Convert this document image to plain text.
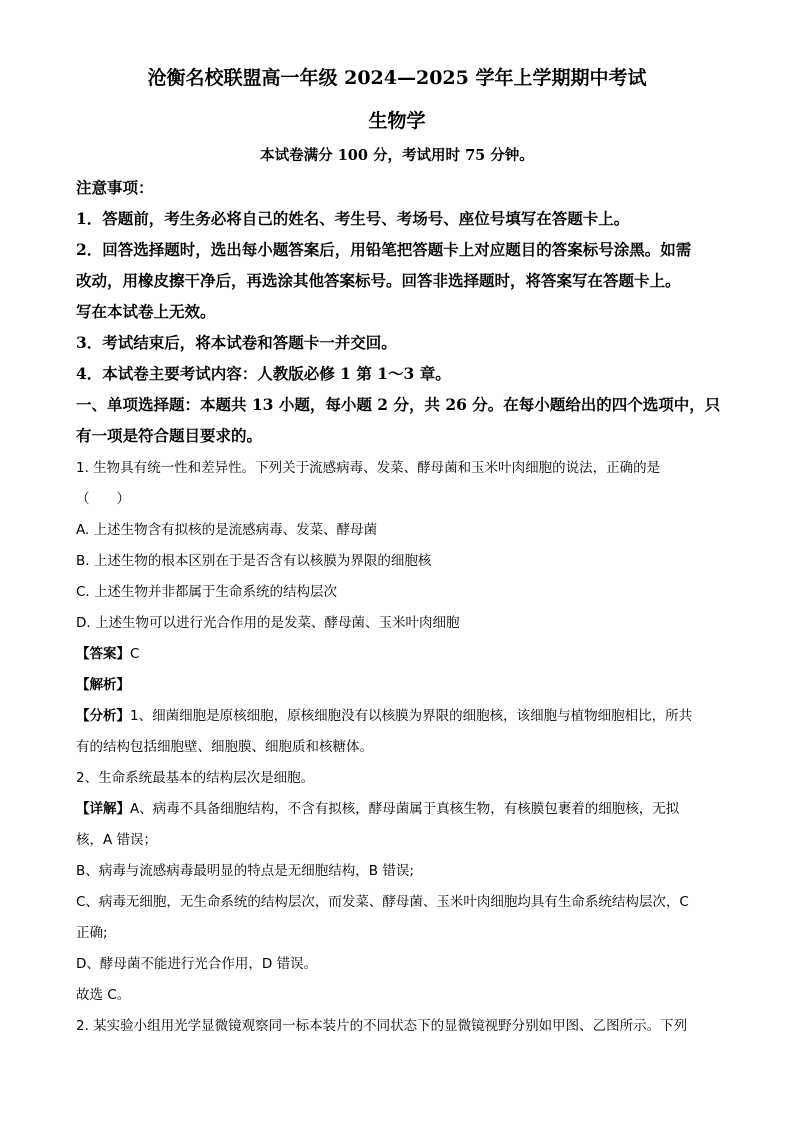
沧衡名校联盟高一年级 2024—2025 学年上学期期中考试
生物学
本试卷满分 100 分，考试用时 75 分钟。
注意事项：
1．答题前，考生务必将自己的姓名、考生号、考场号、座位号填写在答题卡上。
2．回答选择题时，选出每小题答案后，用铅笔把答题卡上对应题目的答案标号涂黑。如需
改动，用橡皮擦干净后，再选涂其他答案标号。回答非选择题时，将答案写在答题卡上。
写在本试卷上无效。
3．考试结束后，将本试卷和答题卡一并交回。
4．本试卷主要考试内容：人教版必修 1 第 1～3 章。
一、单项选择题：本题共 13 小题，每小题 2 分，共 26 分。在每小题给出的四个选项中，只
有一项是符合题目要求的。
1. 生物具有统一性和差异性。下列关于流感病毒、发菜、酵母菌和玉米叶肉细胞的说法，正确的是
（　　）
A. 上述生物含有拟核的是流感病毒、发菜、酵母菌
B. 上述生物的根本区别在于是否含有以核膜为界限的细胞核
C. 上述生物并非都属于生命系统的结构层次
D. 上述生物可以进行光合作用的是发菜、酵母菌、玉米叶肉细胞
【答案】C
【解析】
【分析】1、细菌细胞是原核细胞，原核细胞没有以核膜为界限的细胞核，该细胞与植物细胞相比，所共
有的结构包括细胞壁、细胞膜、细胞质和核糖体。
2、生命系统最基本的结构层次是细胞。
【详解】A、病毒不具备细胞结构，不含有拟核，酵母菌属于真核生物，有核膜包裹着的细胞核，无拟
核，A 错误；
B、病毒与流感病毒最明显的特点是无细胞结构，B 错误;
C、病毒无细胞，无生命系统的结构层次，而发菜、酵母菌、玉米叶肉细胞均具有生命系统结构层次，C
正确;
D、酵母菌不能进行光合作用，D 错误。
故选 C。
2. 某实验小组用光学显微镜观察同一标本装片的不同状态下的显微镜视野分别如甲图、乙图所示。下列
